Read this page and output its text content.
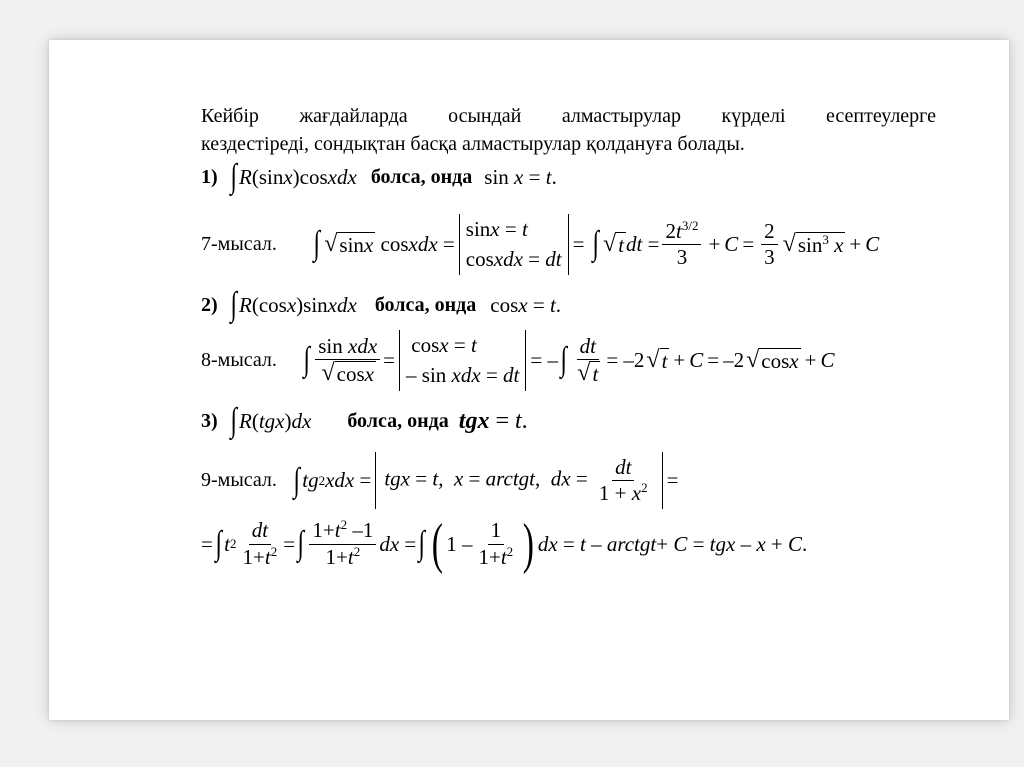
Кейбір жағдайларда осындай алмастырулар күрделі есептеулерге
кездестіреді, сондықтан басқа алмастырулар қолдануға болады.
1) ∫ R (sin x )cos xdx болса, онда sin x = t .
7-мысал. ∫ √ sinx cos xdx =
sinx = t
cosxdx = dt
= ∫ √ t dt = $\frac{2t^{3/2}}{3} + C = \frac{2}{3}$ √ $\sin^3 x + C$
2) ∫ R (cos x )sin xdx болса, онда cos x = t .
8-мысал. ∫ $\frac{\text{sin xdx}}{√ \cos x}$ =
cosx = t
– sin xdx = dt
= – ∫ $\frac{dt}{√ t} = -2$ √ t + C = –2 √ cosx + C
3) ∫ R ( tgx ) dx болса, онда tgx = t .
9-мысал. ∫ tg 2 xdx = tgx = t,  x = arctgt,  dx = $\frac{dt}{1 + x^2}$ =
= ∫ t $2 \frac{dt}{1+t^2}$ = ∫ $\frac{1+t^2 -1}{1+t^2}$ dx = ∫ ( $1 - \frac{1}{1+t^2}$ ) dx = t – arctgt + C = tgx – x + C .
